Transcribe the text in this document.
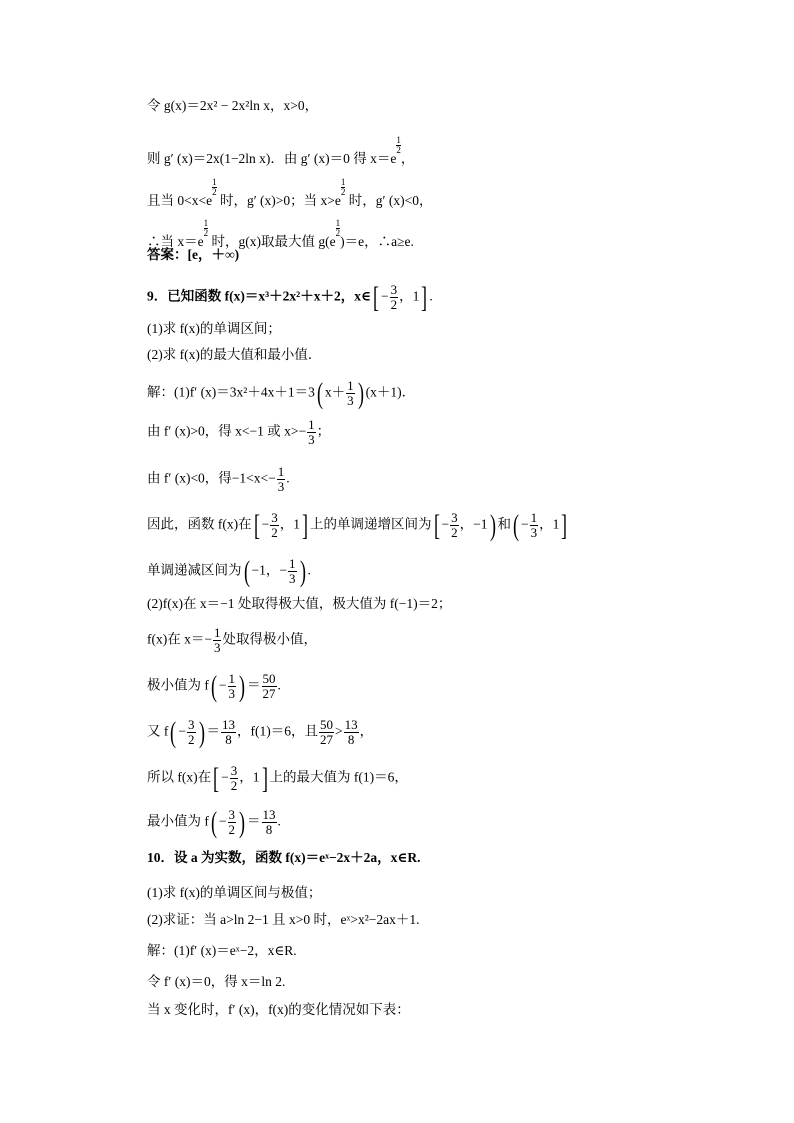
令 g(x)＝2x² − 2x²ln x，x>0，
则 g′ (x)＝2x(1−2ln x)．由 g′ (x)＝0 得 x＝e
1
2
，
且当 0<x<e
1
2
时，g′ (x)>0；当 x>e
1
2
时，g′ (x)<0，
∴当 x＝e
1
2
时，g(x)取最大值 g(e
1
2
)＝e，∴a≥e.
答案：[e，＋∞)
9．已知函数 f(x)＝x³＋2x²＋x＋2，x∈[ − $\frac{3}{2}$ ，1] .
(1)求 f(x)的单调区间；
(2)求 f(x)的最大值和最小值．
解：(1)f′ (x)＝3x²＋4x＋1＝3( $x+ \frac{1}{3}$ ) (x＋1)．
由 f′ (x)>0，得 x<−1 或 $x>- \frac{1}{3}$ ；
由 f′ (x)<0，得$-1<x<- \frac{1}{3}$ .
因此，函数 f(x)在[ − $\frac{3}{2}$ ，1] 上的单调递增区间为[ − $\frac{3}{2}$ ，−1) 和( − $\frac{1}{3}$ ，1]
单调递减区间为( −1，− $\frac{1}{3}$ ) .
(2)f(x)在 x＝−1 处取得极大值，极大值为 f(−1)＝2；
f(x)在 $x=- \frac{1}{3}$ 处取得极小值，
极小值为 $f( - \frac{1}{3}$ ) ＝ $\frac{50}{27}$ .
又 $f( - \frac{3}{2}$ ) ＝ $\frac{13}{8}$ ，f(1)＝6，且 $\frac{50}{27} > \frac{13}{8}$ ，
所以 f(x)在[ − $\frac{3}{2}$ ，1] 上的最大值为 f(1)＝6，
最小值为 $f( - \frac{3}{2}$ ) ＝ $\frac{13}{8}$ .
10．设 a 为实数，函数 f(x)＝eˣ−2x＋2a，x∈R.
(1)求 f(x)的单调区间与极值；
(2)求证：当 a>ln 2−1 且 x>0 时，eˣ>x²−2ax＋1.
解：(1)f′ (x)＝eˣ−2，x∈R.
令 f′ (x)＝0，得 x＝ln 2.
当 x 变化时，f′ (x)，f(x)的变化情况如下表：
